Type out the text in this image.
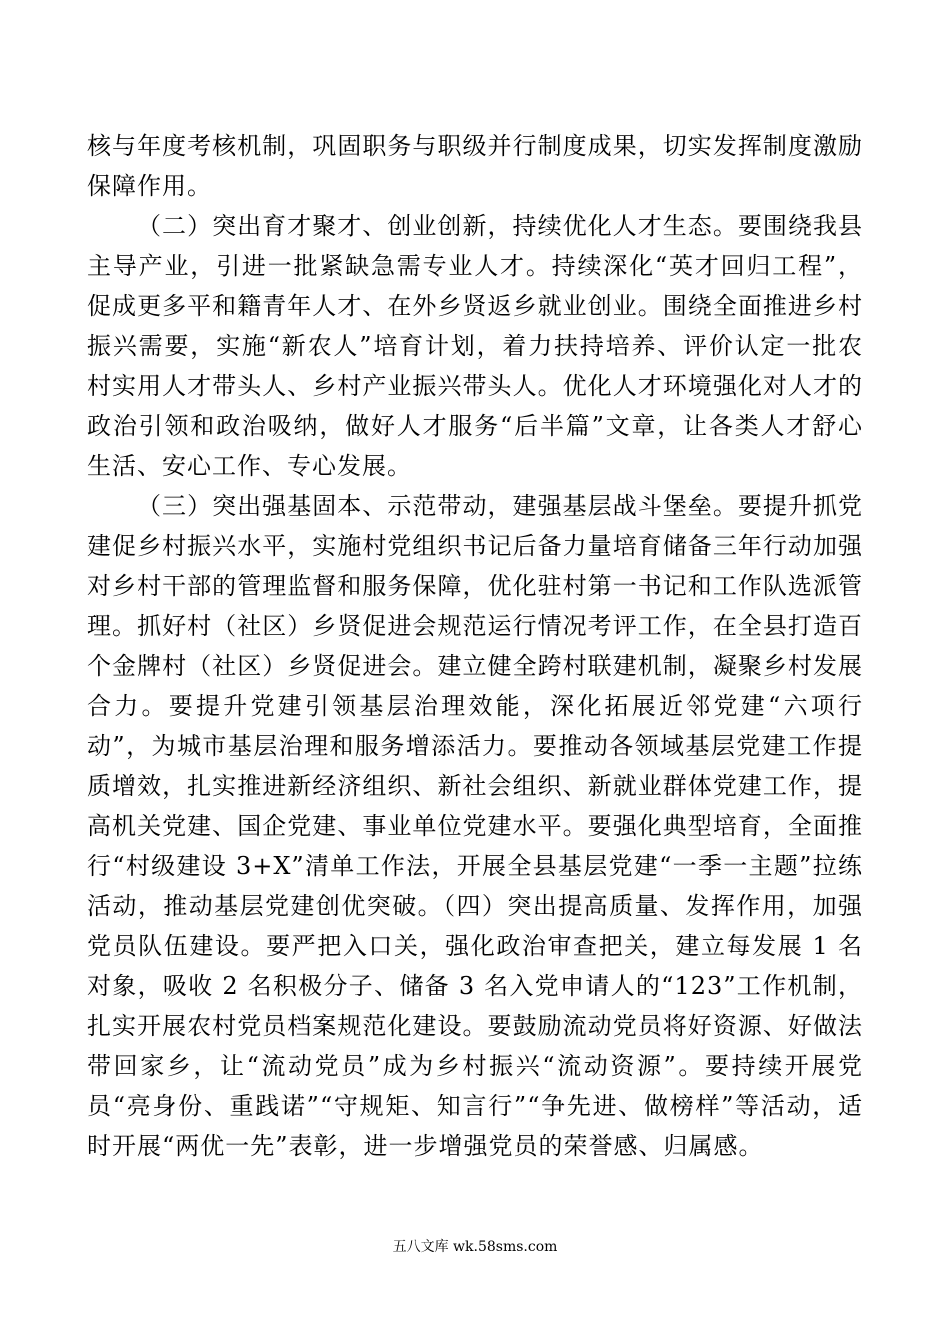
核与年度考核机制，巩固职务与职级并行制度成果，切实发挥制度激励保障作用。

（二）突出育才聚才、创业创新，持续优化人才生态。要围绕我县主导产业，引进一批紧缺急需专业人才。持续深化“英才回归工程”，促成更多平和籍青年人才、在外乡贤返乡就业创业。围绕全面推进乡村振兴需要，实施“新农人”培育计划，着力扶持培养、评价认定一批农村实用人才带头人、乡村产业振兴带头人。优化人才环境强化对人才的政治引领和政治吸纳，做好人才服务“后半篇”文章，让各类人才舒心生活、安心工作、专心发展。

（三）突出强基固本、示范带动，建强基层战斗堡垒。要提升抓党建促乡村振兴水平，实施村党组织书记后备力量培育储备三年行动加强对乡村干部的管理监督和服务保障，优化驻村第一书记和工作队选派管理。抓好村（社区）乡贤促进会规范运行情况考评工作，在全县打造百个金牌村（社区）乡贤促进会。建立健全跨村联建机制，凝聚乡村发展合力。要提升党建引领基层治理效能，深化拓展近邻党建“六项行动”，为城市基层治理和服务增添活力。要推动各领域基层党建工作提质增效，扎实推进新经济组织、新社会组织、新就业群体党建工作，提高机关党建、国企党建、事业单位党建水平。要强化典型培育，全面推行“村级建设 3+X”清单工作法，开展全县基层党建“一季一主题”拉练活动，推动基层党建创优突破。（四）突出提高质量、发挥作用，加强党员队伍建设。要严把入口关，强化政治审查把关，建立每发展 1 名对象，吸收 2 名积极分子、储备 3 名入党申请人的“123”工作机制，扎实开展农村党员档案规范化建设。要鼓励流动党员将好资源、好做法带回家乡，让“流动党员”成为乡村振兴“流动资源”。要持续开展党员“亮身份、重践诺”“守规矩、知言行”“争先进、做榜样”等活动，适时开展“两优一先”表彰，进一步增强党员的荣誉感、归属感。

五八文库 wk.58sms.com
